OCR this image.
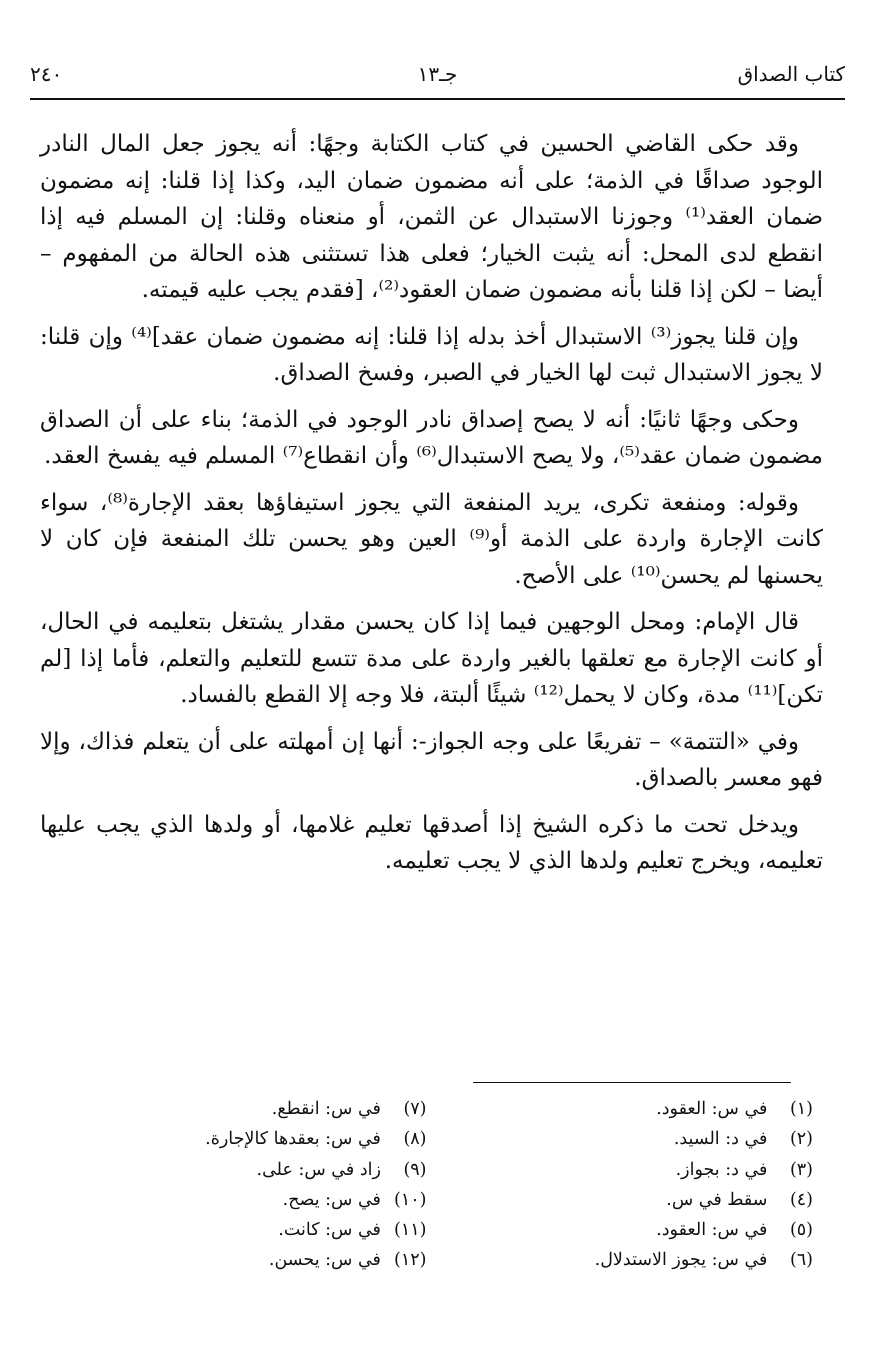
كتاب الصداق
جـ١٣
٢٤٠

وقد حكى القاضي الحسين في كتاب الكتابة وجهًا: أنه يجوز جعل المال النادر الوجود صداقًا في الذمة؛ على أنه مضمون ضمان اليد، وكذا إذا قلنا: إنه مضمون ضمان العقد⁽¹⁾ وجوزنا الاستبدال عن الثمن، أو منعناه وقلنا: إن المسلم فيه إذا انقطع لدى المحل: أنه يثبت الخيار؛ فعلى هذا تستثنى هذه الحالة من المفهوم – أيضا – لكن إذا قلنا بأنه مضمون ضمان العقود⁽²⁾، [فقدم يجب عليه قيمته.

وإن قلنا يجوز⁽³⁾ الاستبدال أخذ بدله إذا قلنا: إنه مضمون ضمان عقد]⁽⁴⁾ وإن قلنا: لا يجوز الاستبدال ثبت لها الخيار في الصبر، وفسخ الصداق.

وحكى وجهًا ثانيًا: أنه لا يصح إصداق نادر الوجود في الذمة؛ بناء على أن الصداق مضمون ضمان عقد⁽⁵⁾، ولا يصح الاستبدال⁽⁶⁾ وأن انقطاع⁽⁷⁾ المسلم فيه يفسخ العقد.

وقوله: ومنفعة تكرى، يريد المنفعة التي يجوز استيفاؤها بعقد الإجارة⁽⁸⁾، سواء كانت الإجارة واردة على الذمة أو⁽⁹⁾ العين وهو يحسن تلك المنفعة فإن كان لا يحسنها لم يحسن⁽¹⁰⁾ على الأصح.

قال الإمام: ومحل الوجهين فيما إذا كان يحسن مقدار يشتغل بتعليمه في الحال، أو كانت الإجارة مع تعلقها بالغير واردة على مدة تتسع للتعليم والتعلم، فأما إذا [لم تكن]⁽¹¹⁾ مدة، وكان لا يحمل⁽¹²⁾ شيئًا ألبتة، فلا وجه إلا القطع بالفساد.

وفي «التتمة» – تفريعًا على وجه الجواز-: أنها إن أمهلته على أن يتعلم فذاك، وإلا فهو معسر بالصداق.

ويدخل تحت ما ذكره الشيخ إذا أصدقها تعليم غلامها، أو ولدها الذي يجب عليها تعليمه، ويخرج تعليم ولدها الذي لا يجب تعليمه.

(١) في س: العقود.
(٢) في د: السيد.
(٣) في د: بجواز.
(٤) سقط في س.
(٥) في س: العقود.
(٦) في س: يجوز الاستدلال.
(٧) في س: انقطع.
(٨) في س: بعقدها كالإجارة.
(٩) زاد في س: على.
(١٠) في س: يصح.
(١١) في س: كانت.
(١٢) في س: يحسن.
